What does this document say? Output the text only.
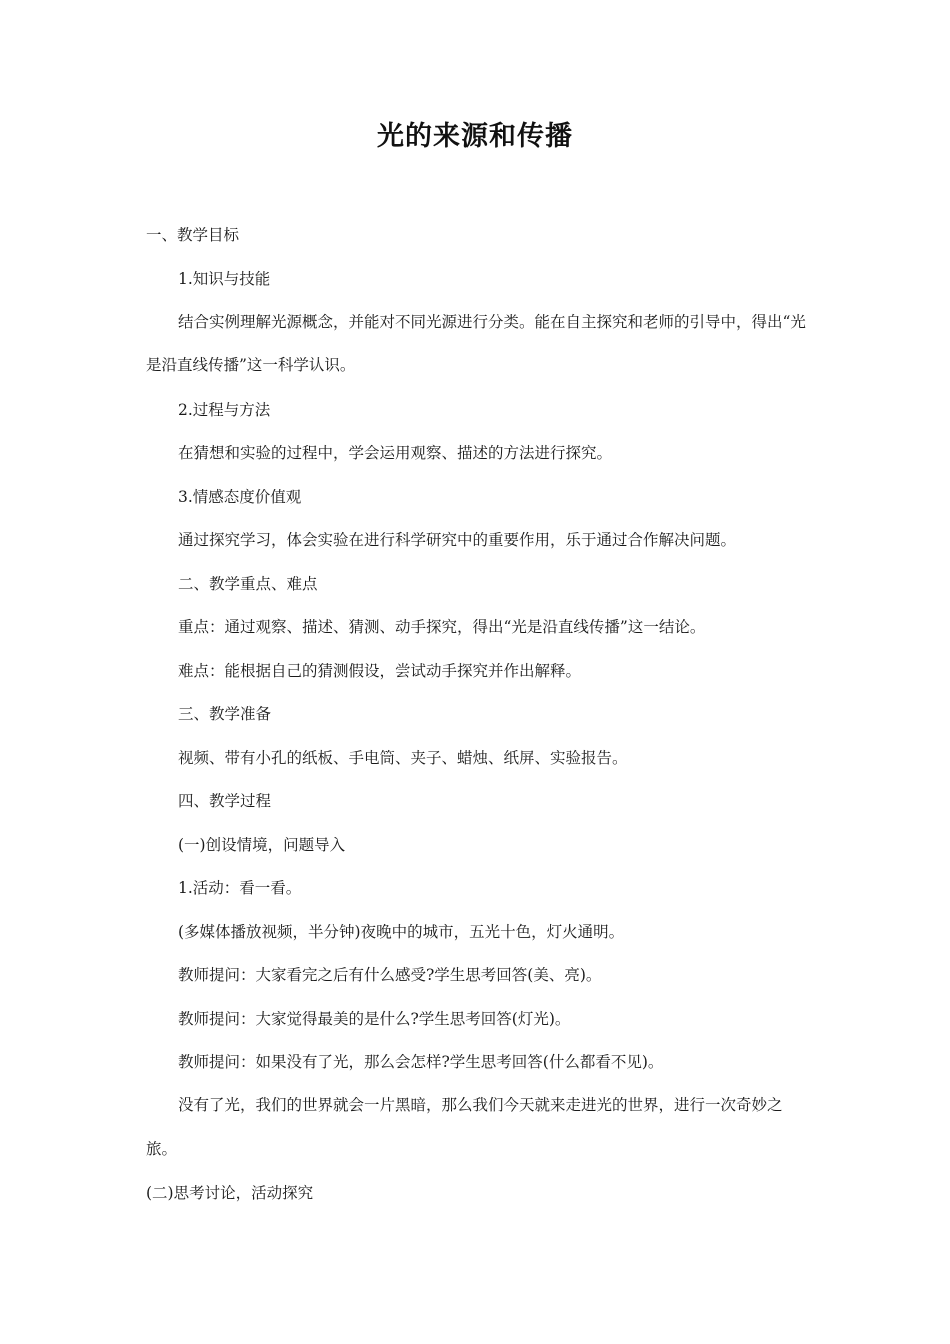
光的来源和传播
一、教学目标
1.知识与技能
结合实例理解光源概念，并能对不同光源进行分类。能在自主探究和老师的引导中，得出“光是沿直线传播”这一科学认识。
2.过程与方法
在猜想和实验的过程中，学会运用观察、描述的方法进行探究。
3.情感态度价值观
通过探究学习，体会实验在进行科学研究中的重要作用，乐于通过合作解决问题。
二、教学重点、难点
重点：通过观察、描述、猜测、动手探究，得出“光是沿直线传播”这一结论。
难点：能根据自己的猜测假设，尝试动手探究并作出解释。
三、教学准备
视频、带有小孔的纸板、手电筒、夹子、蜡烛、纸屏、实验报告。
四、教学过程
(一)创设情境，问题导入
1.活动：看一看。
(多媒体播放视频，半分钟)夜晚中的城市，五光十色，灯火通明。
教师提问：大家看完之后有什么感受?学生思考回答(美、亮)。
教师提问：大家觉得最美的是什么?学生思考回答(灯光)。
教师提问：如果没有了光，那么会怎样?学生思考回答(什么都看不见)。
没有了光，我们的世界就会一片黑暗，那么我们今天就来走进光的世界，进行一次奇妙之旅。
(二)思考讨论，活动探究
